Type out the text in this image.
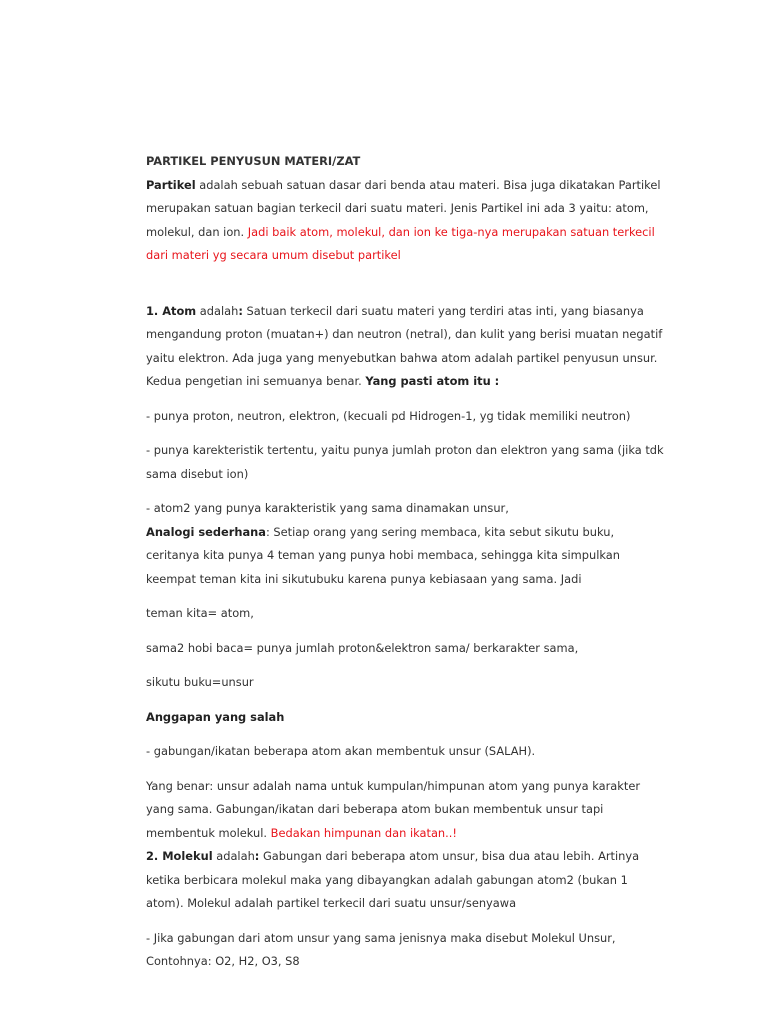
PARTIKEL PENYUSUN MATERI/ZAT

Partikel adalah sebuah satuan dasar dari benda atau materi. Bisa juga dikatakan Partikel merupakan satuan bagian terkecil dari suatu materi. Jenis Partikel ini ada 3 yaitu: atom, molekul, dan ion. Jadi baik atom, molekul, dan ion ke tiga-nya merupakan satuan terkecil dari materi yg secara umum disebut partikel

1. Atom adalah: Satuan terkecil dari suatu materi yang terdiri atas inti, yang biasanya mengandung proton (muatan+) dan neutron (netral), dan kulit yang berisi muatan negatif yaitu elektron. Ada juga yang menyebutkan bahwa atom adalah partikel penyusun unsur. Kedua pengetian ini semuanya benar. Yang pasti atom itu :

- punya proton, neutron, elektron, (kecuali pd Hidrogen-1, yg tidak memiliki neutron)

- punya karekteristik tertentu, yaitu punya jumlah proton dan elektron yang sama (jika tdk sama disebut ion)

- atom2 yang punya karakteristik yang sama dinamakan unsur,

Analogi sederhana: Setiap orang yang sering membaca, kita sebut sikutu buku, ceritanya kita punya 4 teman yang punya hobi membaca, sehingga kita simpulkan keempat teman kita ini sikutubuku karena punya kebiasaan yang sama. Jadi

teman kita= atom,

sama2 hobi baca= punya jumlah proton&elektron sama/ berkarakter sama,

sikutu buku=unsur

Anggapan yang salah

- gabungan/ikatan beberapa atom akan membentuk unsur (SALAH).

Yang benar: unsur adalah nama untuk kumpulan/himpunan atom yang punya karakter yang sama. Gabungan/ikatan dari beberapa atom bukan membentuk unsur tapi membentuk molekul. Bedakan himpunan dan ikatan..!

2. Molekul adalah: Gabungan dari beberapa atom unsur, bisa dua atau lebih. Artinya ketika berbicara molekul maka yang dibayangkan adalah gabungan atom2 (bukan 1 atom). Molekul adalah partikel terkecil dari suatu unsur/senyawa

- Jika gabungan dari atom unsur yang sama jenisnya maka disebut Molekul Unsur, Contohnya: O2, H2, O3, S8
